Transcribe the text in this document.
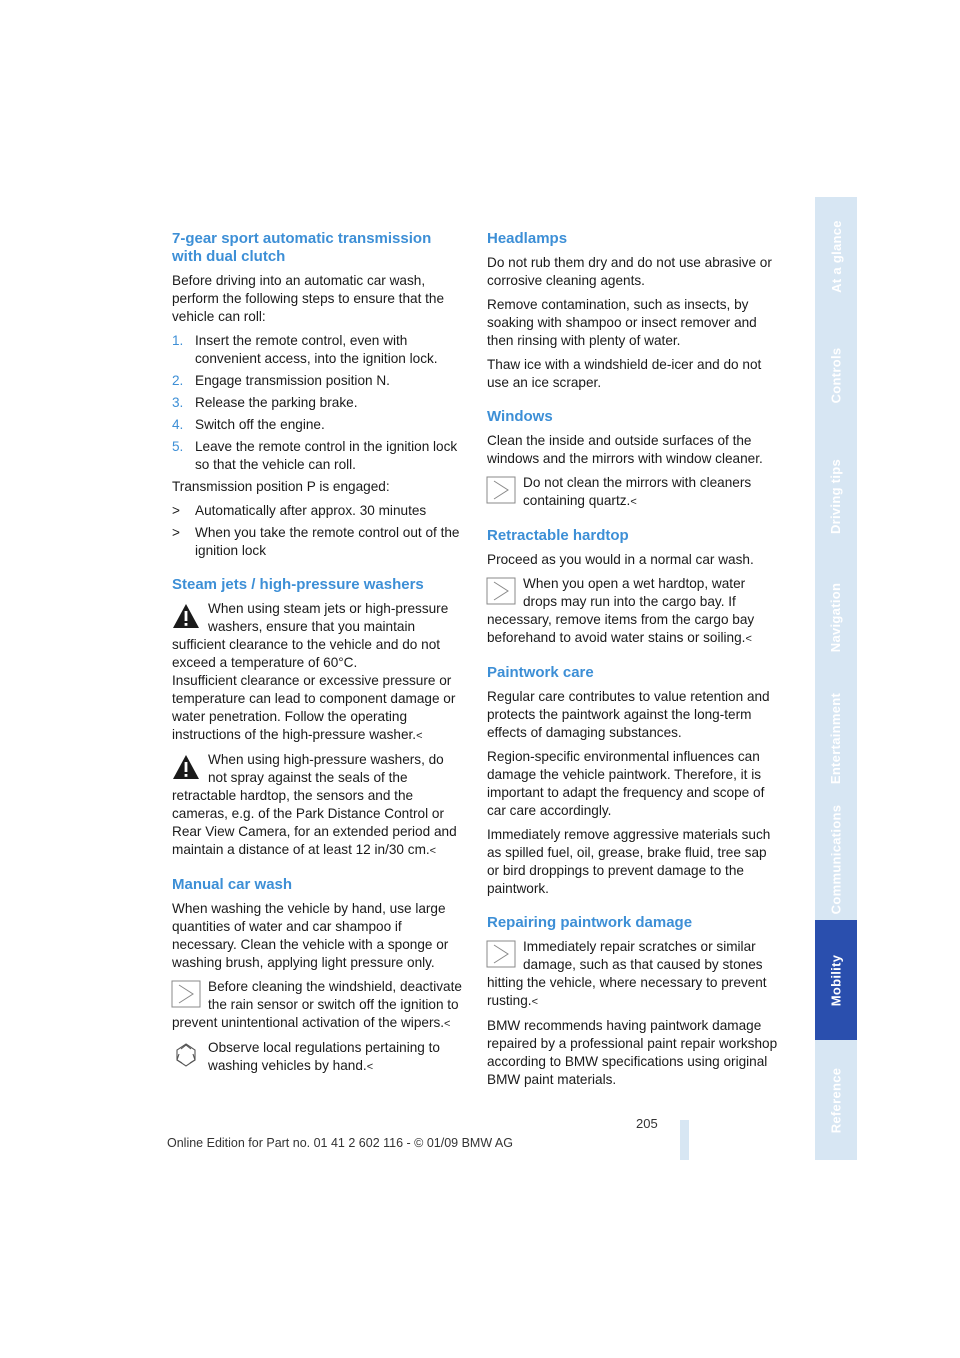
7-gear sport automatic transmission with dual clutch

Before driving into an automatic car wash, perform the following steps to ensure that the vehicle can roll:

1. Insert the remote control, even with convenient access, into the ignition lock.
2. Engage transmission position N.
3. Release the parking brake.
4. Switch off the engine.
5. Leave the remote control in the ignition lock so that the vehicle can roll.

Transmission position P is engaged:

> Automatically after approx. 30 minutes
> When you take the remote control out of the ignition lock
Steam jets / high-pressure washers
When using steam jets or high-pressure washers, ensure that you maintain sufficient clearance to the vehicle and do not exceed a temperature of 60°C.
Insufficient clearance or excessive pressure or temperature can lead to component damage or water penetration. Follow the operating instructions of the high-pressure washer.<
When using high-pressure washers, do not spray against the seals of the retractable hardtop, the sensors and the cameras, e.g. of the Park Distance Control or Rear View Camera, for an extended period and maintain a distance of at least 12 in/30 cm.<
Manual car wash

When washing the vehicle by hand, use large quantities of water and car shampoo if necessary. Clean the vehicle with a sponge or washing brush, applying light pressure only.

Before cleaning the windshield, deactivate the rain sensor or switch off the ignition to prevent unintentional activation of the wipers.<
Observe local regulations pertaining to washing vehicles by hand.<
Headlamps

Do not rub them dry and do not use abrasive or corrosive cleaning agents.

Remove contamination, such as insects, by soaking with shampoo or insect remover and then rinsing with plenty of water.

Thaw ice with a windshield de-icer and do not use an ice scraper.

Windows

Clean the inside and outside surfaces of the windows and the mirrors with window cleaner.

Do not clean the mirrors with cleaners containing quartz.<
Retractable hardtop

Proceed as you would in a normal car wash.

When you open a wet hardtop, water drops may run into the cargo bay. If necessary, remove items from the cargo bay beforehand to avoid water stains or soiling.<
Paintwork care

Regular care contributes to value retention and protects the paintwork against the long-term effects of damaging substances.

Region-specific environmental influences can damage the vehicle paintwork. Therefore, it is important to adapt the frequency and scope of car care accordingly.

Immediately remove aggressive materials such as spilled fuel, oil, grease, brake fluid, tree sap or bird droppings to prevent damage to the paintwork.

Repairing paintwork damage
Immediately repair scratches or similar damage, such as that caused by stones hitting the vehicle, where necessary to prevent rusting.<

BMW recommends having paintwork damage repaired by a professional paint repair workshop according to BMW specifications using original BMW paint materials.

At a glance
Controls
Driving tips
Navigation
Entertainment
Communications
Mobility
Reference
205
Online Edition for Part no. 01 41 2 602 116 - © 01/09 BMW AG
